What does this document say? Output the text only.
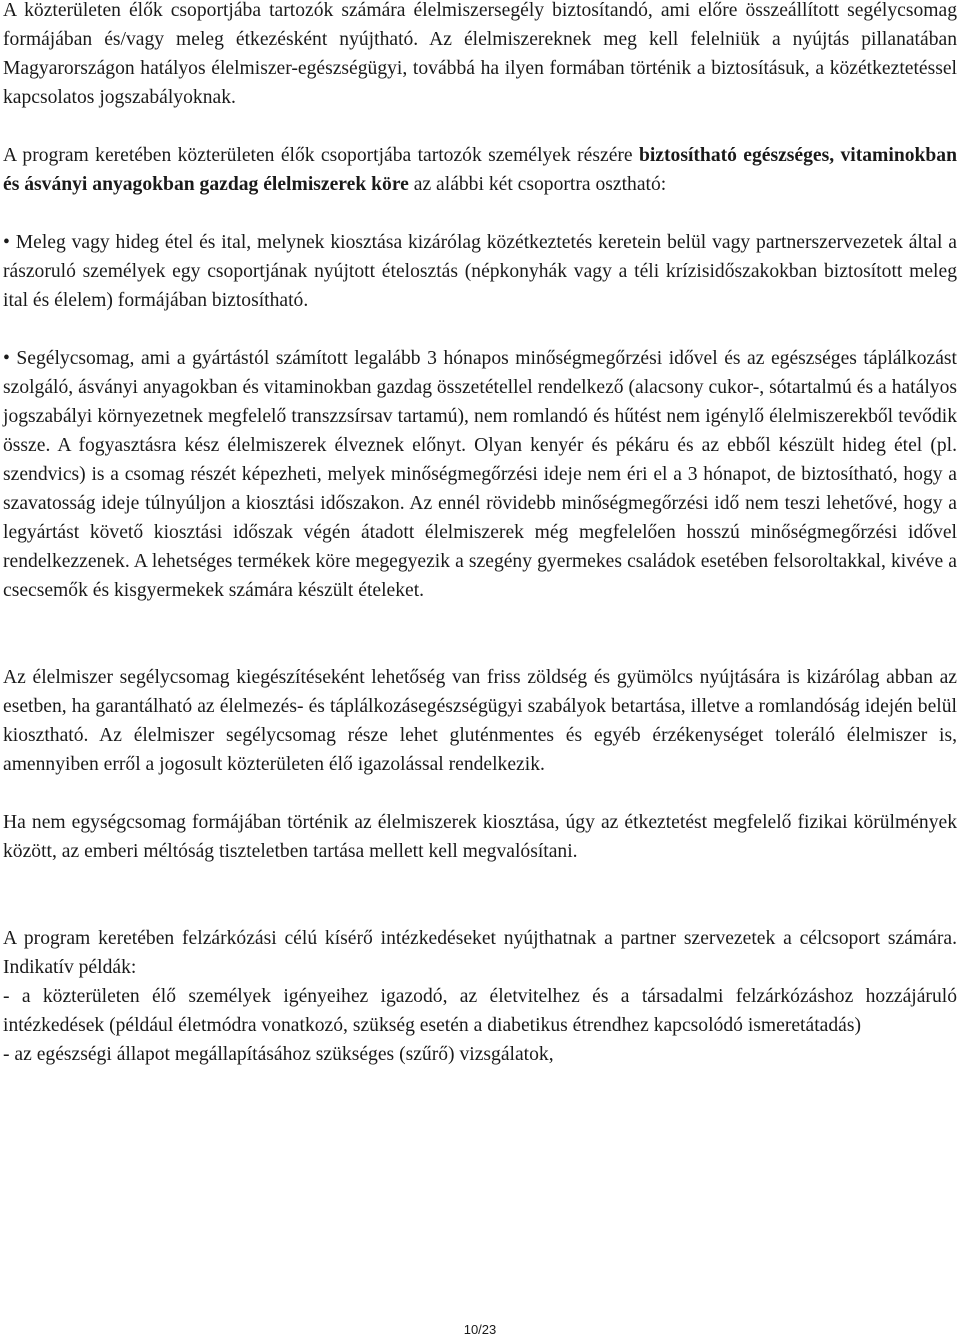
A közterületen élők csoportjába tartozók számára élelmiszersegély biztosítandó, ami előre összeállított segélycsomag formájában és/vagy meleg étkezésként nyújtható. Az élelmiszereknek meg kell felelniük a nyújtás pillanatában Magyarországon hatályos élelmiszer-egészségügyi, továbbá ha ilyen formában történik a biztosításuk, a közétkeztetéssel kapcsolatos jogszabályoknak.

A program keretében közterületen élők csoportjába tartozók személyek részére biztosítható egészséges, vitaminokban és ásványi anyagokban gazdag élelmiszerek köre az alábbi két csoportra osztható:

• Meleg vagy hideg étel és ital, melynek kiosztása kizárólag közétkeztetés keretein belül vagy partnerszervezetek által a rászoruló személyek egy csoportjának nyújtott ételosztás (népkonyhák vagy a téli krízisidőszakokban biztosított meleg ital és élelem) formájában biztosítható.

• Segélycsomag, ami a gyártástól számított legalább 3 hónapos minőségmegőrzési idővel és az egészséges táplálkozást szolgáló, ásványi anyagokban és vitaminokban gazdag összetétellel rendelkező (alacsony cukor-, sótartalmú és a hatályos jogszabályi környezetnek megfelelő transzzsírsav tartamú), nem romlandó és hűtést nem igénylő élelmiszerekből tevődik össze. A fogyasztásra kész élelmiszerek élveznek előnyt. Olyan kenyér és pékáru és az ebből készült hideg étel (pl. szendvics) is a csomag részét képezheti, melyek minőségmegőrzési ideje nem éri el a 3 hónapot, de biztosítható, hogy a szavatosság ideje túlnyúljon a kiosztási időszakon. Az ennél rövidebb minőségmegőrzési idő nem teszi lehetővé, hogy a legyártást követő kiosztási időszak végén átadott élelmiszerek még megfelelően hosszú minőségmegőrzési idővel rendelkezzenek. A lehetséges termékek köre megegyezik a szegény gyermekes családok esetében felsoroltakkal, kivéve a csecsemők és kisgyermekek számára készült ételeket.

Az élelmiszer segélycsomag kiegészítéseként lehetőség van friss zöldség és gyümölcs nyújtására is kizárólag abban az esetben, ha garantálható az élelmezés- és táplálkozásegészségügyi szabályok betartása, illetve a romlandóság idején belül kiosztható. Az élelmiszer segélycsomag része lehet gluténmentes és egyéb érzékenységet toleráló élelmiszer is, amennyiben erről a jogosult közterületen élő igazolással rendelkezik.

Ha nem egységcsomag formájában történik az élelmiszerek kiosztása, úgy az étkeztetést megfelelő fizikai körülmények között, az emberi méltóság tiszteletben tartása mellett kell megvalósítani.

A program keretében felzárkózási célú kísérő intézkedéseket nyújthatnak a partner szervezetek a célcsoport számára. Indikatív példák:

- a közterületen élő személyek igényeihez igazodó, az életvitelhez és a társadalmi felzárkózáshoz hozzájáruló intézkedések (például életmódra vonatkozó, szükség esetén a diabetikus étrendhez kapcsolódó ismeretátadás)

- az egészségi állapot megállapításához szükséges (szűrő) vizsgálatok,

10/23
